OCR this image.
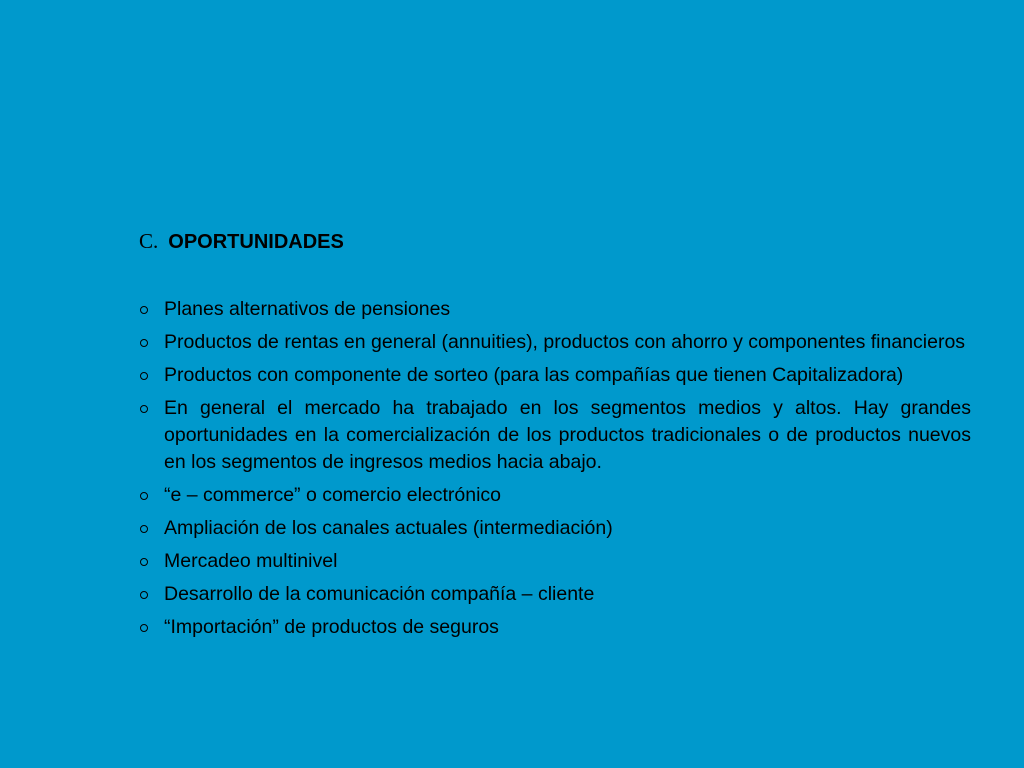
C. OPORTUNIDADES
Planes alternativos de pensiones
Productos de rentas en general (annuities), productos con ahorro y componentes financieros
Productos con componente de sorteo (para las compañías que tienen Capitalizadora)
En general el mercado ha trabajado en los segmentos medios y altos. Hay grandes oportunidades en la comercialización de los productos tradicionales o de productos nuevos en los segmentos de ingresos medios hacia abajo.
“e – commerce” o comercio electrónico
Ampliación de los canales actuales (intermediación)
Mercadeo multinivel
Desarrollo de la comunicación compañía – cliente
“Importación” de productos de seguros
